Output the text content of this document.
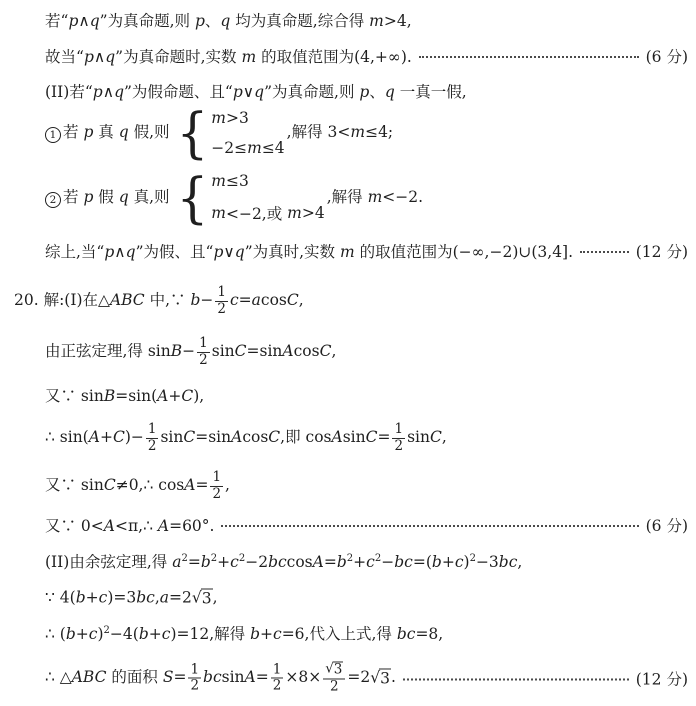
若“p∧q”为真命题,则 p、q 均为真命题,综合得 m>4,
故当“p∧q”为真命题时,实数 m 的取值范围为(4,+∞).	(6 分)
(II)若“p∧q”为假命题、且“p∨q”为真命题,则 p、q 一真一假,
1 若 p 真 q 假,则 { m >3
−2≤ m ≤4
,解得 3<m≤4;
2 若 p 假 q 真,则 { m ≤3
m <−2,或 m >4
,解得 m<−2.
综上,当“p∧q”为假、且“p∨q”为真时,实数 m 的取值范围为(−∞,−2)∪(3,4].	(12 分)
20. 解:(I)在△ABC 中,∵ $b- \frac{1}{2} c=acosC$,
由正弦定理,得 $\sin B- \frac{1}{2}$ sinC=sinAcosC,
又∵ sinB=sin(A+C),
∴ $\sin(A+C)- \frac{1}{2}$ sinC=sinAcosC,即 cosAsinC= $\frac{1}{2} \sin C$,
又∵ sinC≠0,∴ $\cos A= \frac{1}{2}$ ,
又∵ 0<A<π,∴ A=60°.	(6 分)
(II)由余弦定理,得 $a^2=b^2+c^2-2bccosA=b^2+c^2-bc=(b+c)^2-3bc$,
∵ 4(b+c)=3bc,a=2 √ 3 ,
∴ $(b+c)^2-4(b+c)=12$,解得 b+c=6,代入上式,得 bc=8,
∴ △ABC 的面积 $S= \frac{1}{2} bcsinA= \frac{1}{2} \times 8\times \frac{√ 3}{2} =2$ √ 3 .	(12 分)
